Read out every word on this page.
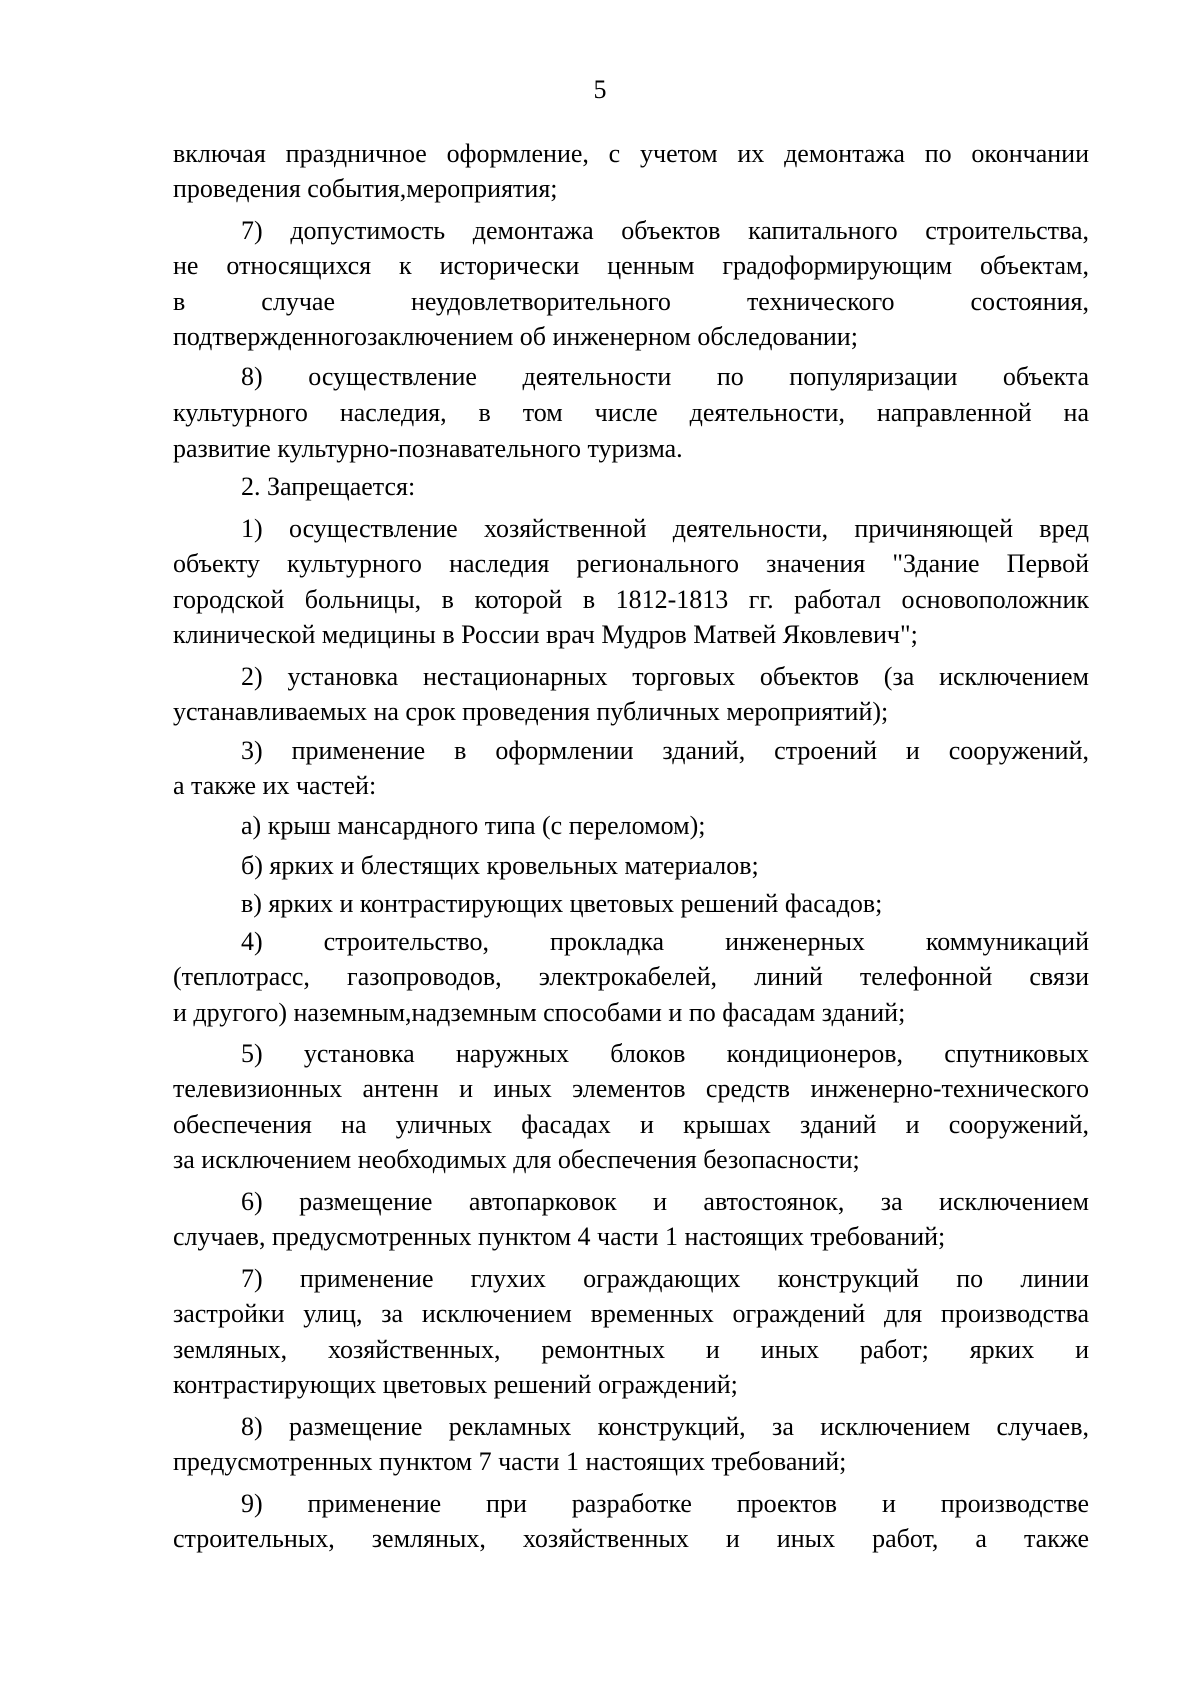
5
включая праздничное оформление, с учетом их демонтажа по окончании
проведения события,мероприятия;
7) допустимость демонтажа объектов капитального строительства,
не относящихся к исторически ценным градоформирующим объектам,
в случае неудовлетворительного технического состояния,
подтвержденногозаключением об инженерном обследовании;
8) осуществление деятельности по популяризации объекта
культурного наследия, в том числе деятельности, направленной на
развитие культурно-познавательного туризма.
2. Запрещается:
1) осуществление хозяйственной деятельности, причиняющей вред
объекту культурного наследия регионального значения "Здание Первой
городской больницы, в которой в 1812-1813 гг. работал основоположник
клинической медицины в России врач Мудров Матвей Яковлевич";
2) установка нестационарных торговых объектов (за исключением
устанавливаемых на срок проведения публичных мероприятий);
3) применение в оформлении зданий, строений и сооружений,
а также их частей:
а) крыш мансардного типа (с переломом);
б) ярких и блестящих кровельных материалов;
в) ярких и контрастирующих цветовых решений фасадов;
4) строительство, прокладка инженерных коммуникаций
(теплотрасс, газопроводов, электрокабелей, линий телефонной связи
и другого) наземным,надземным способами и по фасадам зданий;
5) установка наружных блоков кондиционеров, спутниковых
телевизионных антенн и иных элементов средств инженерно-технического
обеспечения на уличных фасадах и крышах зданий и сооружений,
за исключением необходимых для обеспечения безопасности;
6) размещение автопарковок и автостоянок, за исключением
случаев, предусмотренных пунктом 4 части 1 настоящих требований;
7) применение глухих ограждающих конструкций по линии
застройки улиц, за исключением временных ограждений для производства
земляных, хозяйственных, ремонтных и иных работ; ярких и
контрастирующих цветовых решений ограждений;
8) размещение рекламных конструкций, за исключением случаев,
предусмотренных пунктом 7 части 1 настоящих требований;
9) применение при разработке проектов и производстве
строительных, земляных, хозяйственных и иных работ, а также
